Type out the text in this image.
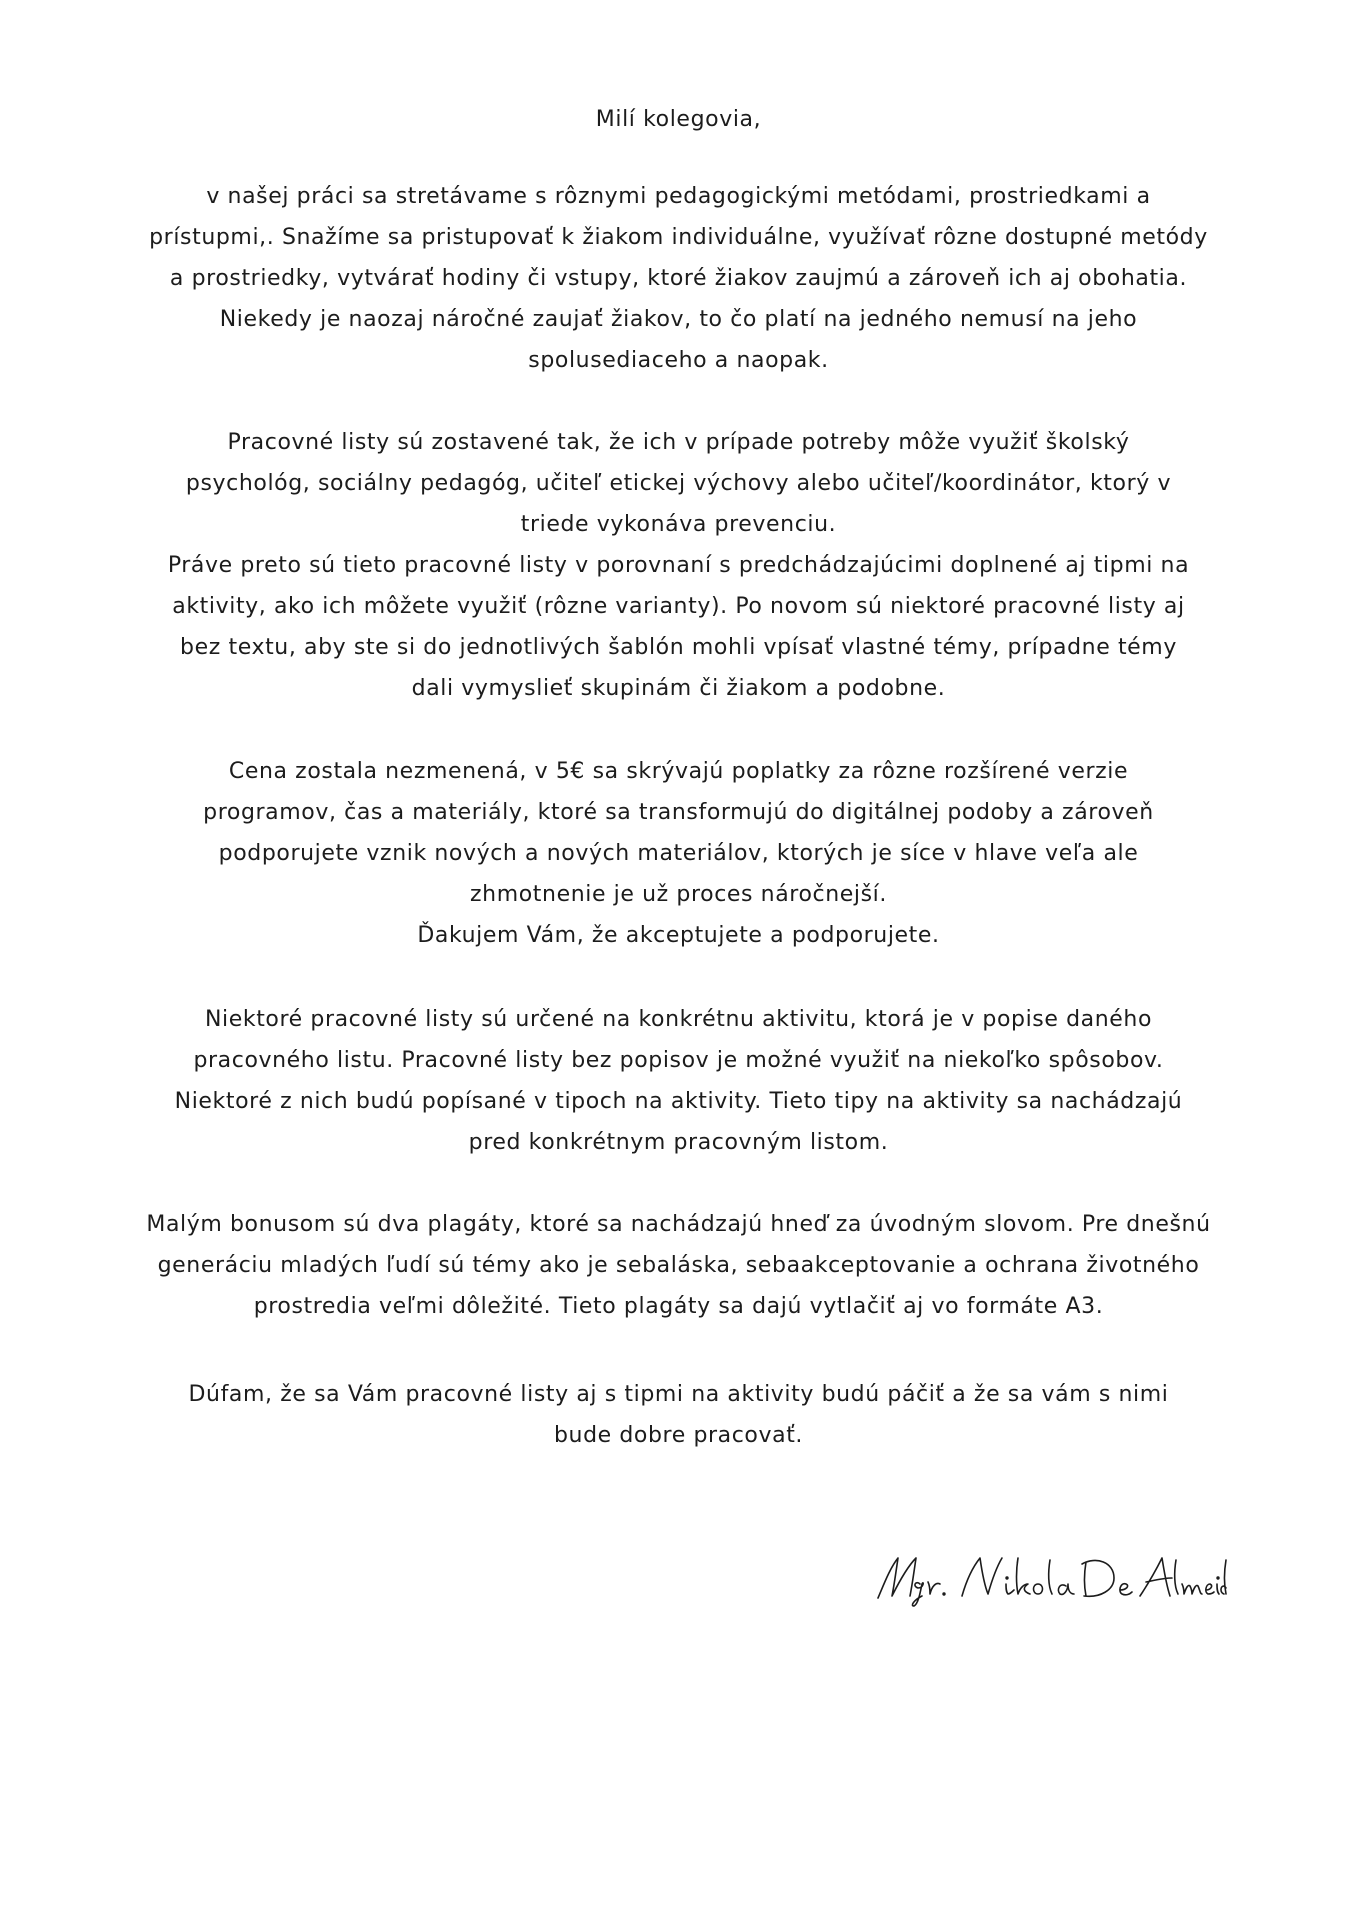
Milí kolegovia,
v našej práci sa stretávame s rôznymi pedagogickými metódami, prostriedkami a
prístupmi,. Snažíme sa pristupovať k žiakom individuálne, využívať rôzne dostupné metódy
a prostriedky, vytvárať hodiny či vstupy, ktoré žiakov zaujmú a zároveň ich aj obohatia.
Niekedy je naozaj náročné zaujať žiakov, to čo platí na jedného nemusí na jeho
spolusediaceho a naopak.
Pracovné listy sú zostavené tak, že ich v prípade potreby môže využiť školský
psychológ, sociálny pedagóg, učiteľ etickej výchovy alebo učiteľ/koordinátor, ktorý v
triede vykonáva prevenciu.
Práve preto sú tieto pracovné listy v porovnaní s predchádzajúcimi doplnené aj tipmi na
aktivity, ako ich môžete využiť (rôzne varianty). Po novom sú niektoré pracovné listy aj
bez textu, aby ste si do jednotlivých šablón mohli vpísať vlastné témy, prípadne témy
dali vymyslieť skupinám či žiakom a podobne.
Cena zostala nezmenená, v 5€ sa skrývajú poplatky za rôzne rozšírené verzie
programov, čas a materiály, ktoré sa transformujú do digitálnej podoby a zároveň
podporujete vznik nových a nových materiálov, ktorých je síce v hlave veľa ale
zhmotnenie je už proces náročnejší.
Ďakujem Vám, že akceptujete a podporujete.
Niektoré pracovné listy sú určené na konkrétnu aktivitu, ktorá je v popise daného
pracovného listu. Pracovné listy bez popisov je možné využiť na niekoľko spôsobov.
Niektoré z nich budú popísané v tipoch na aktivity. Tieto tipy na aktivity sa nachádzajú
pred konkrétnym pracovným listom.
Malým bonusom sú dva plagáty, ktoré sa nachádzajú hneď za úvodným slovom. Pre dnešnú
generáciu mladých ľudí sú témy ako je sebaláska, sebaakceptovanie a ochrana životného
prostredia veľmi dôležité. Tieto plagáty sa dajú vytlačiť aj vo formáte A3.
Dúfam, že sa Vám pracovné listy aj s tipmi na aktivity budú páčiť a že sa vám s nimi
bude dobre pracovať.
